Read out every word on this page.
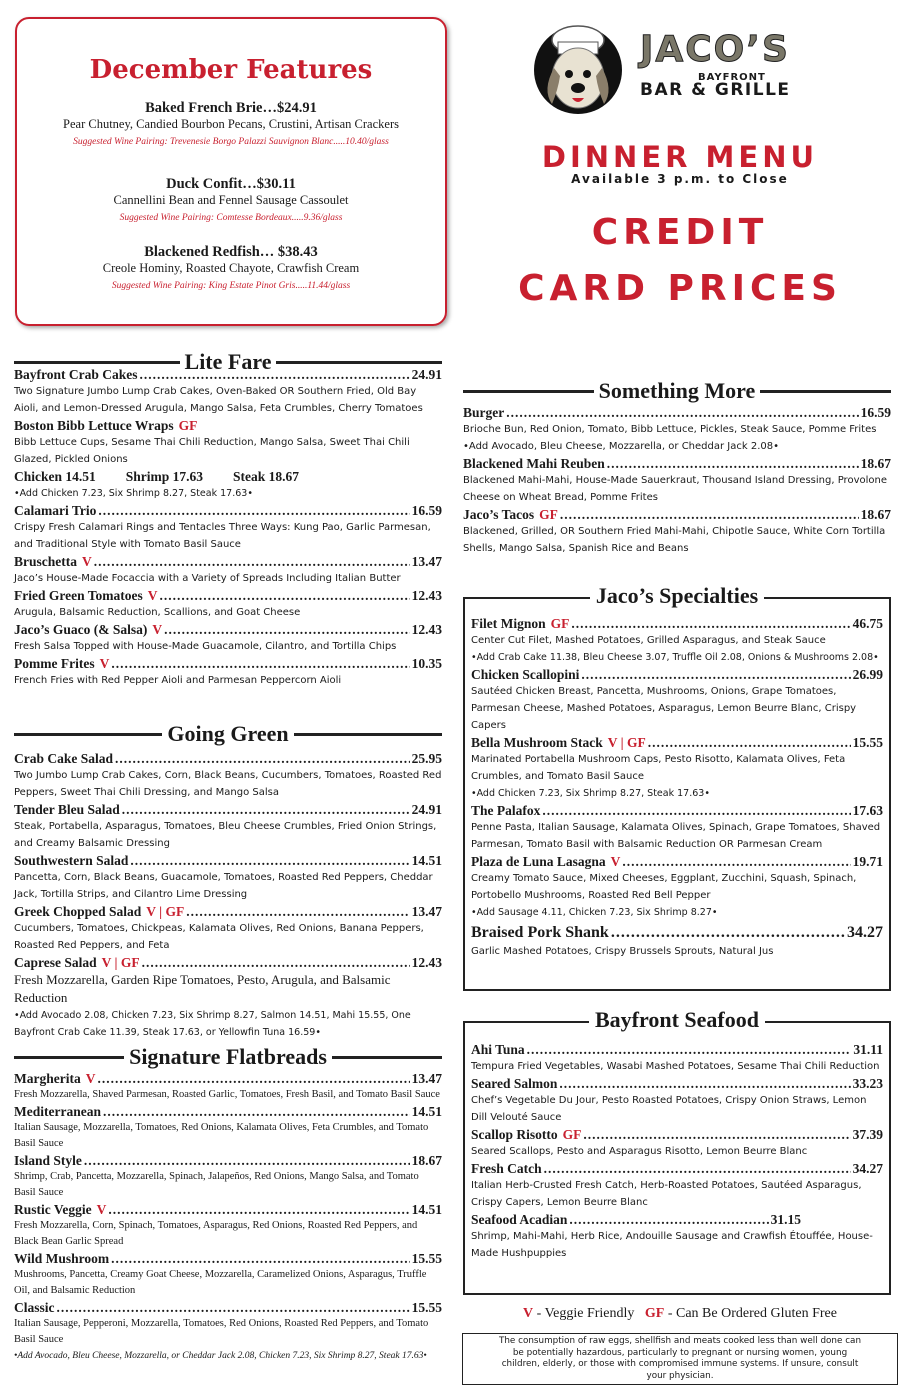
December Features
Baked French Brie…$24.91
Pear Chutney, Candied Bourbon Pecans, Crustini, Artisan Crackers
Suggested Wine Pairing: Trevenesie Borgo Palazzi Sauvignon Blanc.....10.40/glass
Duck Confit…$30.11
Cannellini Bean and Fennel Sausage Cassoulet
Suggested Wine Pairing: Comtesse Bordeaux.....9.36/glass
Blackened Redfish… $38.43
Creole Hominy, Roasted Chayote, Crawfish Cream
Suggested Wine Pairing: King Estate Pinot Gris.....11.44/glass
JACO’S
BAYFRONT
BAR & GRILLE
DINNER MENU
Available 3 p.m. to Close
CREDIT
CARD PRICES
Lite Fare
Bayfront Crab Cakes .....	24.91
Two Signature Jumbo Lump Crab Cakes, Oven-Baked OR Southern Fried, Old Bay Aioli, and Lemon-Dressed Arugula, Mango Salsa, Feta Crumbles, Cherry Tomatoes
Boston Bibb Lettuce Wraps GF
Bibb Lettuce Cups, Sesame Thai Chili Reduction, Mango Salsa, Sweet Thai Chili Glazed, Pickled Onions
Chicken 14.51 Shrimp 17.63 Steak 18.67
•Add Chicken 7.23, Six Shrimp 8.27, Steak 17.63•
Calamari Trio .....	16.59
Crispy Fresh Calamari Rings and Tentacles Three Ways: Kung Pao, Garlic Parmesan, and Traditional Style with Tomato Basil Sauce
Bruschetta V .....	13.47
Jaco’s House-Made Focaccia with a Variety of Spreads Including Italian Butter
Fried Green Tomatoes V .....	12.43
Arugula, Balsamic Reduction, Scallions, and Goat Cheese
Jaco’s Guaco (& Salsa) V .....	12.43
Fresh Salsa Topped with House-Made Guacamole, Cilantro, and Tortilla Chips
Pomme Frites V .....	10.35
French Fries with Red Pepper Aioli and Parmesan Peppercorn Aioli
Going Green
Crab Cake Salad .....	25.95
Two Jumbo Lump Crab Cakes, Corn, Black Beans, Cucumbers, Tomatoes, Roasted Red Peppers, Sweet Thai Chili Dressing, and Mango Salsa
Tender Bleu Salad .....	24.91
Steak, Portabella, Asparagus, Tomatoes, Bleu Cheese Crumbles, Fried Onion Strings, and Creamy Balsamic Dressing
Southwestern Salad .....	14.51
Pancetta, Corn, Black Beans, Guacamole, Tomatoes, Roasted Red Peppers, Cheddar Jack, Tortilla Strips, and Cilantro Lime Dressing
Greek Chopped Salad V | GF .....	13.47
Cucumbers, Tomatoes, Chickpeas, Kalamata Olives, Red Onions, Banana Peppers, Roasted Red Peppers, and Feta
Caprese Salad V | GF .....	12.43
Fresh Mozzarella, Garden Ripe Tomatoes, Pesto, Arugula, and Balsamic Reduction
•Add Avocado 2.08, Chicken 7.23, Six Shrimp 8.27, Salmon 14.51, Mahi 15.55, One Bayfront Crab Cake 11.39, Steak 17.63, or Yellowfin Tuna 16.59•
Signature Flatbreads
Margherita V .....	13.47
Fresh Mozzarella, Shaved Parmesan, Roasted Garlic, Tomatoes, Fresh Basil, and Tomato Basil Sauce
Mediterranean .....	14.51
Italian Sausage, Mozzarella, Tomatoes, Red Onions, Kalamata Olives, Feta Crumbles, and Tomato Basil Sauce
Island Style .....	18.67
Shrimp, Crab, Pancetta, Mozzarella, Spinach, Jalapeños, Red Onions, Mango Salsa, and Tomato Basil Sauce
Rustic Veggie V .....	14.51
Fresh Mozzarella, Corn, Spinach, Tomatoes, Asparagus, Red Onions, Roasted Red Peppers, and Black Bean Garlic Spread
Wild Mushroom .....	15.55
Mushrooms, Pancetta, Creamy Goat Cheese, Mozzarella, Caramelized Onions, Asparagus, Truffle Oil, and Balsamic Reduction
Classic .....	15.55
Italian Sausage, Pepperoni, Mozzarella, Tomatoes, Red Onions, Roasted Red Peppers, and Tomato Basil Sauce
•Add Avocado, Bleu Cheese, Mozzarella, or Cheddar Jack 2.08, Chicken 7.23, Six Shrimp 8.27, Steak 17.63•
Something More
Burger .....	16.59
Brioche Bun, Red Onion, Tomato, Bibb Lettuce, Pickles, Steak Sauce, Pomme Frites •Add Avocado, Bleu Cheese, Mozzarella, or Cheddar Jack 2.08•
Blackened Mahi Reuben .....	18.67
Blackened Mahi-Mahi, House-Made Sauerkraut, Thousand Island Dressing, Provolone Cheese on Wheat Bread, Pomme Frites
Jaco’s Tacos GF .....	18.67
Blackened, Grilled, OR Southern Fried Mahi-Mahi, Chipotle Sauce, White Corn Tortilla Shells, Mango Salsa, Spanish Rice and Beans
Jaco’s Specialties
Filet Mignon GF .....	46.75
Center Cut Filet, Mashed Potatoes, Grilled Asparagus, and Steak Sauce
•Add Crab Cake 11.38, Bleu Cheese 3.07, Truffle Oil 2.08, Onions & Mushrooms 2.08•
Chicken Scallopini .....	26.99
Sautéed Chicken Breast, Pancetta, Mushrooms, Onions, Grape Tomatoes, Parmesan Cheese, Mashed Potatoes, Asparagus, Lemon Beurre Blanc, Crispy Capers
Bella Mushroom Stack V | GF .....	15.55
Marinated Portabella Mushroom Caps, Pesto Risotto, Kalamata Olives, Feta Crumbles, and Tomato Basil Sauce
•Add Chicken 7.23, Six Shrimp 8.27, Steak 17.63•
The Palafox .....	17.63
Penne Pasta, Italian Sausage, Kalamata Olives, Spinach, Grape Tomatoes, Shaved Parmesan, Tomato Basil with Balsamic Reduction OR Parmesan Cream
Plaza de Luna Lasagna V .....	19.71
Creamy Tomato Sauce, Mixed Cheeses, Eggplant, Zucchini, Squash, Spinach, Portobello Mushrooms, Roasted Red Bell Pepper
•Add Sausage 4.11, Chicken 7.23, Six Shrimp 8.27•
Braised Pork Shank .....	34.27
Garlic Mashed Potatoes, Crispy Brussels Sprouts, Natural Jus
Bayfront Seafood
Ahi Tuna .....	31.11
Tempura Fried Vegetables, Wasabi Mashed Potatoes, Sesame Thai Chili Reduction
Seared Salmon .....	33.23
Chef’s Vegetable Du Jour, Pesto Roasted Potatoes, Crispy Onion Straws, Lemon Dill Velouté Sauce
Scallop Risotto GF .....	37.39
Seared Scallops, Pesto and Asparagus Risotto, Lemon Beurre Blanc
Fresh Catch .....	34.27
Italian Herb-Crusted Fresh Catch, Herb-Roasted Potatoes, Sautéed Asparagus, Crispy Capers, Lemon Beurre Blanc
Seafood Acadian .....	31.15
Shrimp, Mahi-Mahi, Herb Rice, Andouille Sausage and Crawfish Étouffée, House-Made Hushpuppies
V - Veggie Friendly GF - Can Be Ordered Gluten Free
The consumption of raw eggs, shellfish and meats cooked less than well done can be potentially hazardous, particularly to pregnant or nursing women, young children, elderly, or those with compromised immune systems. If unsure, consult your physician.
